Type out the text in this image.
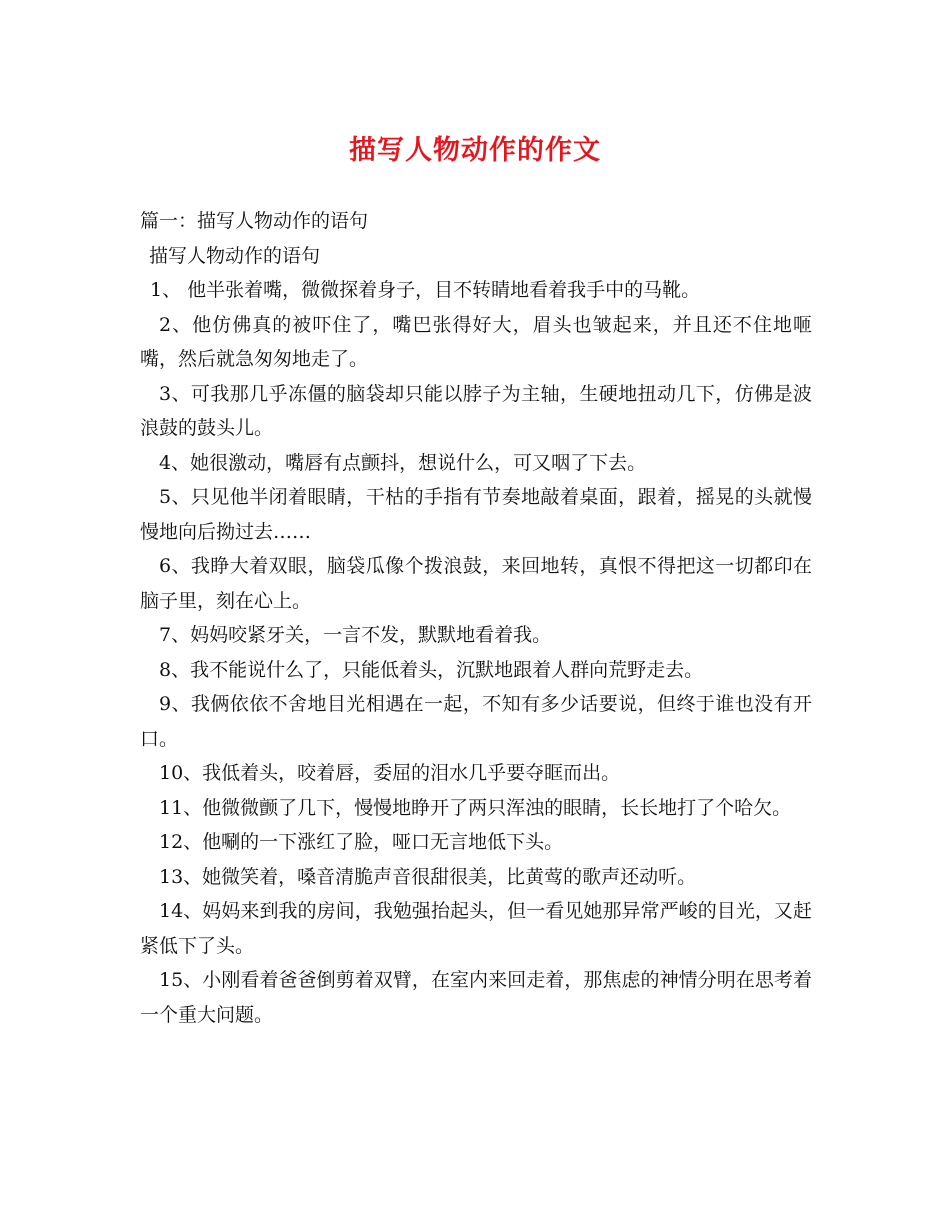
描写人物动作的作文

篇一：描写人物动作的语句

描写人物动作的语句

1、 他半张着嘴，微微探着身子，目不转睛地看着我手中的马靴。

2、他仿佛真的被吓住了，嘴巴张得好大，眉头也皱起来，并且还不住地咂嘴，然后就急匆匆地走了。

3、可我那几乎冻僵的脑袋却只能以脖子为主轴，生硬地扭动几下，仿佛是波浪鼓的鼓头儿。

4、她很激动，嘴唇有点颤抖，想说什么，可又咽了下去。

5、只见他半闭着眼睛，干枯的手指有节奏地敲着桌面，跟着，摇晃的头就慢慢地向后拗过去……

6、我睁大着双眼，脑袋瓜像个拨浪鼓，来回地转，真恨不得把这一切都印在脑子里，刻在心上。

7、妈妈咬紧牙关，一言不发，默默地看着我。

8、我不能说什么了，只能低着头，沉默地跟着人群向荒野走去。

9、我俩依依不舍地目光相遇在一起，不知有多少话要说，但终于谁也没有开口。

10、我低着头，咬着唇，委屈的泪水几乎要夺眶而出。

11、他微微颤了几下，慢慢地睁开了两只浑浊的眼睛，长长地打了个哈欠。

12、他唰的一下涨红了脸，哑口无言地低下头。

13、她微笑着，嗓音清脆声音很甜很美，比黄莺的歌声还动听。

14、妈妈来到我的房间，我勉强抬起头，但一看见她那异常严峻的目光，又赶紧低下了头。

15、小刚看着爸爸倒剪着双臂，在室内来回走着，那焦虑的神情分明在思考着一个重大问题。
